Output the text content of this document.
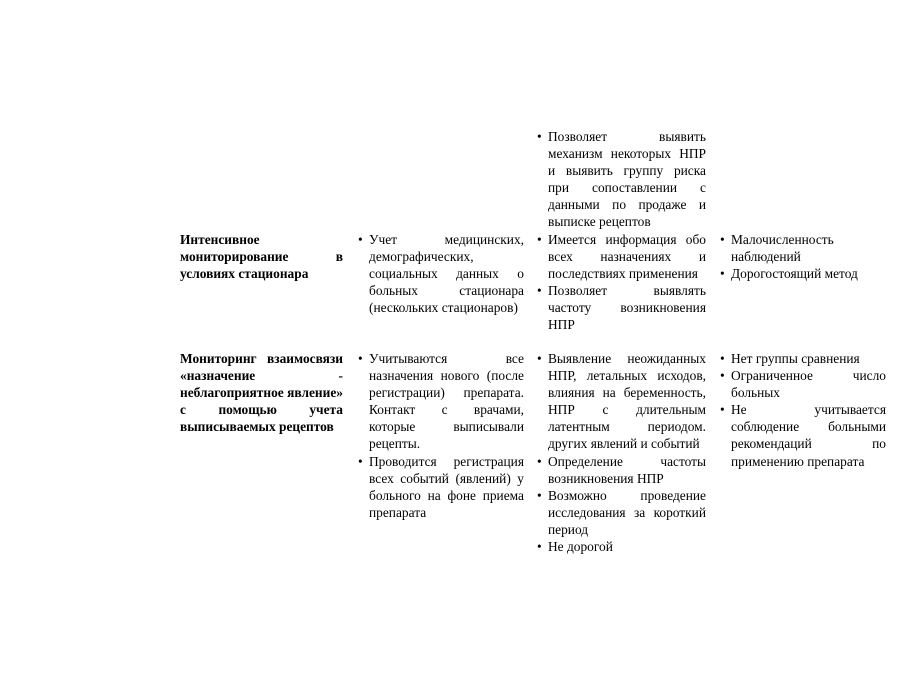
• Позволяет выявить механизм некоторых НПР и выявить группу риска при сопоставлении с данными по продаже и выписке рецептов

Интенсивное мониторирование в условиях стационара

• Учет медицинских, демографических, социальных данных о больных стационара (нескольких стационаров)
• Имеется информация обо всех назначениях и последствиях применения
• Позволяет выявлять частоту возникновения НПР
• Малочисленность наблюдений
• Дорогостоящий метод

Мониторинг взаимосвязи «назначение - неблагоприятное явление» с помощью учета выписываемых рецептов

• Учитываются все назначения нового (после регистрации) препарата. Контакт с врачами, которые выписывали рецепты.
• Проводится регистрация всех событий (явлений) у больного на фоне приема препарата
• Выявление неожиданных НПР, летальных исходов, влияния на беременность, НПР с длительным латентным периодом. других явлений и событий
• Определение частоты возникновения НПР
• Возможно проведение исследования за короткий период
• Не дорогой
• Нет группы сравнения
• Ограниченное число больных
• Не учитывается соблюдение больными рекомендаций по применению препарата
